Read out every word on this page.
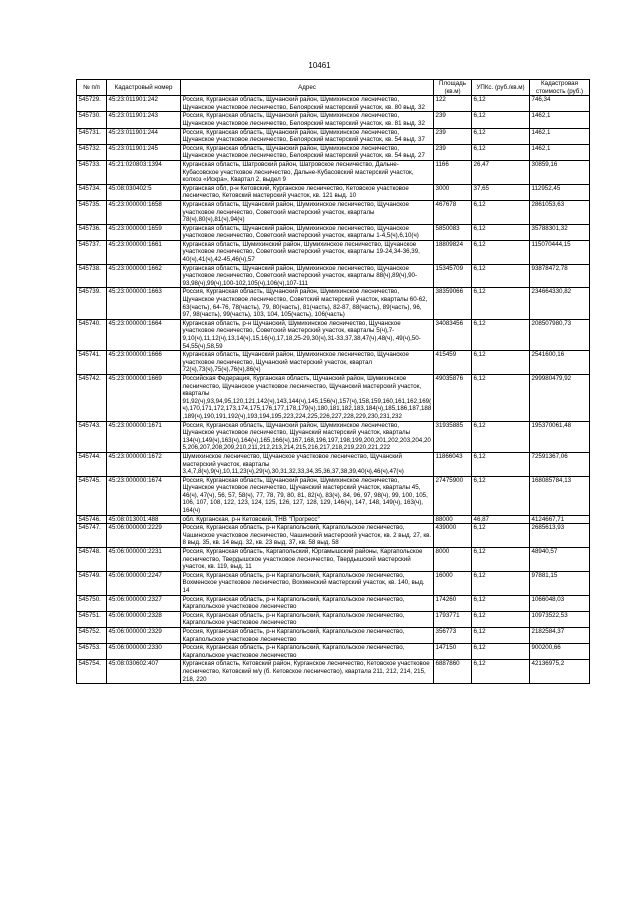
10461
№ п/п	Кадастровый номер	Адрес	Площадь (кв.м)	УПКс. (руб./кв.м)	Кадастровая стоимость (руб.)
545729.	45:23:011901:242	Россия, Курганская область, Щучанский район, Шумихинское лесничество, Щучанское участковое лесничество, Белоярский мастерский участок, кв. 80 выд. 32	122	6,12	746,34
545730.	45:23:011901:243	Россия, Курганская область, Щучанский район, Шумихинское лесничество, Щучанское участковое лесничество, Белоярский мастерский участок, кв. 81 выд. 32	239	6,12	1462,1
545731.	45:23:011901:244	Россия, Курганская область, Щучанский район, Шумихинское лесничество, Щучанское участковое лесничество, Белоярский мастерский участок, кв. 54 выд. 37	239	6,12	1462,1
545732.	45:23:011901:245	Россия, Курганская область, Щучанский район, Шумихинское лесничество, Щучанское участковое лесничество, Белоярский мастерский участок, кв. 54 выд. 27	239	6,12	1462,1
545733.	45:21:020803:1394	Курганская область, Шатровский район, Шатровское лесничество, Дальне-Кубасовское участковое лесничество, Дальне-Кубасовский мастерский участок, колхоз «Искра», Квартал 2, выдел 9	1166	26,47	30859,16
545734.	45:08:030402:5	Курганская обл, р-н Кетовский, Курганское лесничество, Кетовское участковое лесничество, Кетовский мастерский участок, кв. 121 выд. 10	3000	37,65	112952,45
545735.	45:23:000000:1658	Курганская область, Щучанский район, Шумихинское лесничество, Щучанское участковое лесничество, Советский мастерский участок, кварталы 78(ч),80(ч),81(ч),94(ч)	467678	6,12	2861053,63
545736.	45:23:000000:1659	Курганская область, Щучанский район, Шумихинское лесничество, Щучанское участковое лесничество, Советский мастерский участок, кварталы 1-4,5(ч),6,10(ч)	5850083	6,12	35788301,32
545737.	45:23:000000:1661	Курганская область, Шумихинский район, Шумихинское лесничество, Щучанское участковое лесничество, Советский мастерский участок, кварталы 19-24,34-36,39, 40(ч),41(ч),42-45,46(ч),57	18809824	6,12	115070444,15
545738.	45:23:000000:1662	Курганская область, Щучанский район, Шумихинское лесничество, Щучанское участковое лесничество, Советский мастерский участок, кварталы 88(ч),89(ч),90-93,98(ч),99(ч),100-102,105(ч),106(ч),107-111	15345709	6,12	93878472,78
545739.	45:23:000000:1663	Россия, Курганская область, Щучанский район, Шумихинское лесничество, Щучанское участковое лесничество, Советский мастерский участок, кварталы 60-62, 63(часть), 64-76, 78(часть), 79, 80(часть), 81(часть), 82-87, 88(часть), 89(часть), 96, 97, 98(часть), 99(часть), 103, 104, 105(часть), 106(часть)	38359066	6,12	234664330,82
545740.	45:23:000000:1664	Курганская область, р-н Щучанский, Шумихинское лесничество, Щучанское участковое лесничество, Советский мастерский участок, кварталы 5(ч),7-9,10(ч),11,12(ч),13,14(ч),15,16(ч),17,18,25-29,30(ч),31-33,37,38,47(ч),48(ч), 49(ч),50-54,55(ч),58,59	34083456	6,12	208507980,73
545741.	45:23:000000:1666	Курганская область, Щучанский район, Шумихинское лесничество, Щучанское участковое лесничество, Щучанский мастерский участок, квартал 72(ч),73(ч),75(ч),76(ч),86(ч)	415459	6,12	2541600,16
545742.	45:23:000000:1669	Российская Федерация, Курганская область, Щучанский район, Шумихинское лесничество, Щучанское участковое лесничество, Щучанский мастерский участок, кварталы 91,92(ч),93,94,95,120,121,142(ч),143,144(ч),145,156(ч),157(ч),158,159,160,161,162,169(ч),170,171,172,173,174,175,176,177,178,179(ч),180,181,182,183,184(ч),185,186,187,188,189(ч),190,191,192(ч),193,194,195,223,224,225,226,227,228,229,230,231,232	49035876	6,12	299980479,92
545743.	45:23:000000:1671	Россия, Курганская область, Щучанский район, Шумихинское лесничество, Щучанское участковое лесничество, Щучанский мастерский участок, кварталы 134(ч),149(ч),163(ч),164(ч),165,166(ч),167,168,196,197,198,199,200,201,202,203,204,205,206,207,208,209,210,211,212,213,214,215,216,217,218,219,220,221,222	31935885	6,12	195370061,48
545744.	45:23:000000:1672	Шумихинское лесничество, Щучанское участковое лесничество, Щучанский мастерский участок, кварталы 3,4,7,8(ч),9(ч),10,11,23(ч),29(ч),30,31,32,33,34,35,36,37,38,39,40(ч),46(ч),47(ч)	11866043	6,12	72591367,06
545745.	45:23:000000:1674	Россия, Курганская область, Щучанский район, Шумихинское лесничество, Щучанское участковое лесничество, Щучанский мастерский участок, кварталы 45, 46(ч), 47(ч), 56, 57, 58(ч), 77, 78, 79, 80, 81, 82(ч), 83(ч), 84, 96, 97, 98(ч), 99, 100, 105, 106, 107, 108, 122, 123, 124, 125, 126, 127, 128, 129, 146(ч), 147, 148, 149(ч), 163(ч), 164(ч)	27475900	6,12	168085784,13
545746.	45:08:013001:488	обл. Курганская, р-н Кетовский, ТНВ "Прогресс"	88000	46,87	4124667,71
545747.	45:06:000000:2229	Россия, Курганская область, р-н Каргапольский, Каргапольское лесничество, Чашинское участковое лесничество, Чашинский мастерский участок, кв. 2 выд. 27, кв. 8 выд. 35, кв. 14 выд. 32, кв. 23 выд. 37, кв. 58 выд. 58	439000	6,12	2685613,93
545748.	45:06:000000:2231	Россия, Курганская область, Каргапольский, Юргамышский районы, Каргапольское лесничество, Твердышское участковое лесничество, Твердышский мастерский участок, кв. 119, выд. 11	8000	6,12	48940,57
545749.	45:06:000000:2247	Россия, Курганская область, р-н Каргапольский, Каргапольское лесничество, Вохменское участковое лесничество, Вохменский мастерский участок, кв. 140, выд. 14	16000	6,12	97881,15
545750.	45:06:000000:2327	Россия, Курганская область, р-н Каргапольский, Каргапольское лесничество, Каргапольское участковое лесничество	174260	6,12	1066048,03
545751.	45:06:000000:2328	Россия, Курганская область, р-н Каргапольский, Каргапольское лесничество, Каргапольское участковое лесничество	1793771	6,12	10973522,53
545752.	45:06:000000:2329	Россия, Курганская область, р-н Каргапольский, Каргапольское лесничество, Каргапольское участковое лесничество	356773	6,12	2182584,37
545753.	45:06:000000:2330	Россия, Курганская область, р-н Каргапольский, Каргапольское лесничество, Каргапольское участковое лесничество	147150	6,12	900200,66
545754.	45:08:030602:407	Курганская область, Кетовский район, Курганское лесничество, Кетовское участковое лесничество, Кетовский м/у (б. Кетовское лесничество), квартала 211, 212, 214, 215, 218, 220	6887860	6,12	42136975,2
